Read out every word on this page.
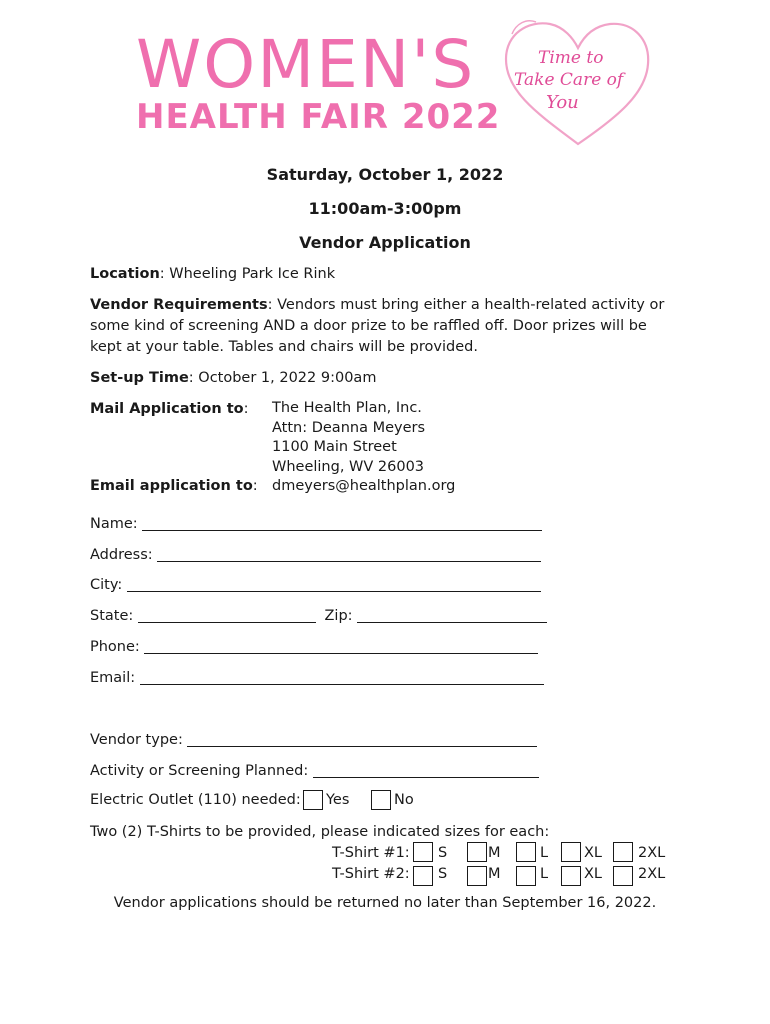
WOMEN'S
HEALTH FAIR 2022
Time to
Take Care of
You
Saturday, October 1, 2022
11:00am-3:00pm
Vendor Application
Location: Wheeling Park Ice Rink
Vendor Requirements: Vendors must bring either a health-related activity or
some kind of screening AND a door prize to be raffled off. Door prizes will be
kept at your table. Tables and chairs will be provided.
Set-up Time: October 1, 2022 9:00am
Mail Application to: The Health Plan, Inc.
Attn: Deanna Meyers
1100 Main Street
Wheeling, WV 26003
Email application to: dmeyers@healthplan.org
Name:
Address:
City:
State:	Zip:
Phone:
Email:
Vendor type:
Activity or Screening Planned:
Electric Outlet (110) needed: Yes	No
Two (2) T-Shirts to be provided, please indicated sizes for each:
T-Shirt #1: S	M	L XL 2XL
T-Shirt #2: S	M	L XL 2XL
Vendor applications should be returned no later than September 16, 2022.
